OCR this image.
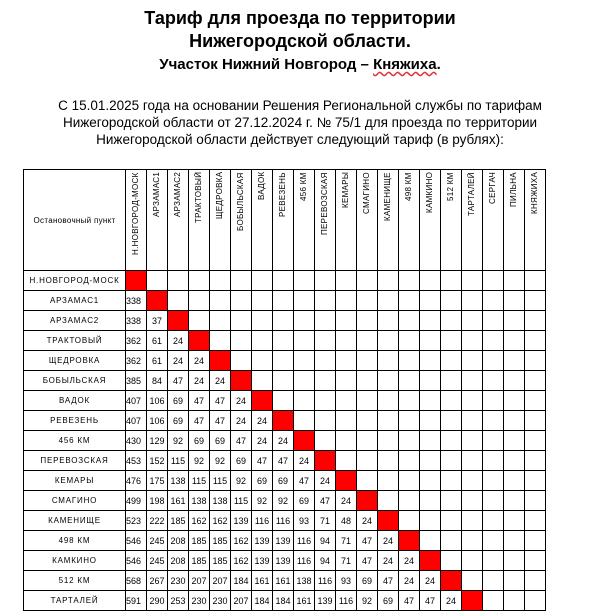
Тариф для проезда по территории
Нижегородской области.
Участок Нижний Новгород – Княжиха.
С 15.01.2025 года на основании Решения Региональной службы по тарифам
Нижегородской области от 27.12.2024 г. № 75/1 для проезда по территории
Нижегородской области действует следующий тариф (в рублях):
Остановочный пункт	Н.НОВГОРОД-МОСК	АРЗАМАС1	АРЗАМАС2	ТРАКТОВЫЙ	ЩЕДРОВКА	БОБЫЛЬСКАЯ	ВАДОК	РЕВЕЗЕНЬ	456 КМ	ПЕРЕВОЗСКАЯ	КЕМАРЫ	СМАГИНО	КАМЕНИЩЕ	498 КМ	КАМКИНО	512 КМ	ТАРТАЛЕЙ	СЕРГАЧ	ПИЛЬНА	КНЯЖИХА

Н.НОВГОРОД-МОСК																				
АРЗАМАС1	338																			
АРЗАМАС2	338	37																		
ТРАКТОВЫЙ	362	61	24																	
ЩЕДРОВКА	362	61	24	24																
БОБЫЛЬСКАЯ	385	84	47	24	24															
ВАДОК	407	106	69	47	47	24														
РЕВЕЗЕНЬ	407	106	69	47	47	24	24													
456 КМ	430	129	92	69	69	47	24	24												
ПЕРЕВОЗСКАЯ	453	152	115	92	92	69	47	47	24											
КЕМАРЫ	476	175	138	115	115	92	69	69	47	24										
СМАГИНО	499	198	161	138	138	115	92	92	69	47	24									
КАМЕНИЩЕ	523	222	185	162	162	139	116	116	93	71	48	24								
498 КМ	546	245	208	185	185	162	139	139	116	94	71	47	24							
КАМКИНО	546	245	208	185	185	162	139	139	116	94	71	47	24	24						
512 КМ	568	267	230	207	207	184	161	161	138	116	93	69	47	24	24					
ТАРТАЛЕЙ	591	290	253	230	230	207	184	184	161	139	116	92	69	47	47	24				
